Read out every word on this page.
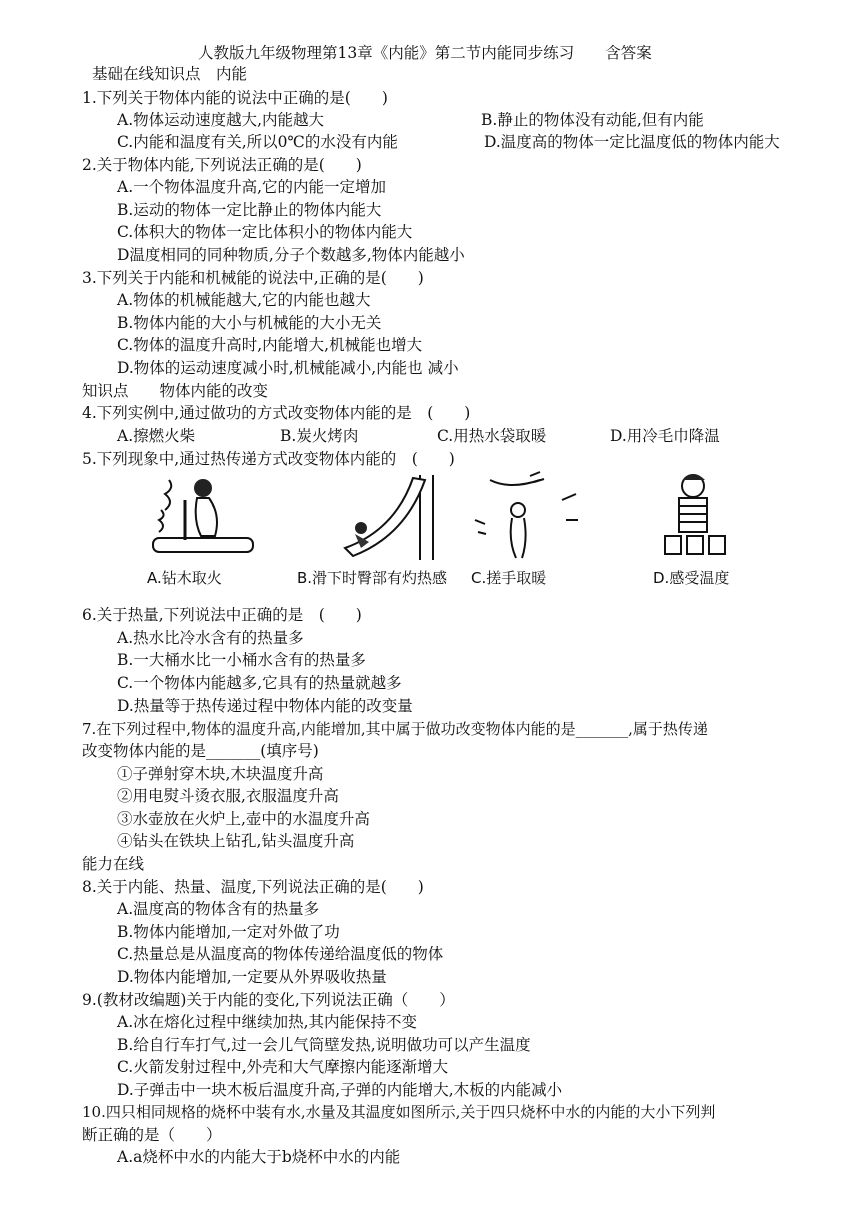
人教版九年级物理第13章《内能》第二节内能同步练习　　含答案
基础在线知识点　内能
1.下列关于物体内能的说法中正确的是(　　)
A.物体运动速度越大,内能越大	B.静止的物体没有动能,但有内能
C.内能和温度有关,所以0℃的水没有内能	D.温度高的物体一定比温度低的物体内能大
2.关于物体内能,下列说法正确的是(　　)
A.一个物体温度升高,它的内能一定增加
B.运动的物体一定比静止的物体内能大
C.体积大的物体一定比体积小的物体内能大
D温度相同的同种物质,分子个数越多,物体内能越小
3.下列关于内能和机械能的说法中,正确的是(　　)
A.物体的机械能越大,它的内能也越大
B.物体内能的大小与机械能的大小无关
C.物体的温度升高时,内能增大,机械能也增大
D.物体的运动速度减小时,机械能减小,内能也 减小
知识点　　物体内能的改变
4.下列实例中,通过做功的方式改变物体内能的是　(　　)
A.擦燃火柴	B.炭火烤肉	C.用热水袋取暖	D.用冷毛巾降温
5.下列现象中,通过热传递方式改变物体内能的　(　　)
A.钻木取火	B.滑下时臀部有灼热感 C.搓手取暖	D.感受温度
6.关于热量,下列说法中正确的是　(　　)
A.热水比冷水含有的热量多
B.一大桶水比一小桶水含有的热量多
C.一个物体内能越多,它具有的热量就越多
D.热量等于热传递过程中物体内能的改变量
7.在下列过程中,物体的温度升高,内能增加,其中属于做功改变物体内能的是_______,属于热传递
改变物体内能的是_______(填序号)
①子弹射穿木块,木块温度升高
②用电熨斗烫衣服,衣服温度升高
③水壶放在火炉上,壶中的水温度升高
④钻头在铁块上钻孔,钻头温度升高
能力在线
8.关于内能、热量、温度,下列说法正确的是(　　)
A.温度高的物体含有的热量多
B.物体内能增加,一定对外做了功
C.热量总是从温度高的物体传递给温度低的物体
D.物体内能增加,一定要从外界吸收热量
9.(教材改编题)关于内能的变化,下列说法正确（　　）
A.冰在熔化过程中继续加热,其内能保持不变
B.给自行车打气,过一会儿气筒壁发热,说明做功可以产生温度
C.火箭发射过程中,外壳和大气摩擦内能逐渐增大
D.子弹击中一块木板后温度升高,子弹的内能增大,木板的内能减小
10.四只相同规格的烧杯中装有水,水量及其温度如图所示,关于四只烧杯中水的内能的大小下列判
断正确的是（　　）
A.a烧杯中水的内能大于b烧杯中水的内能
